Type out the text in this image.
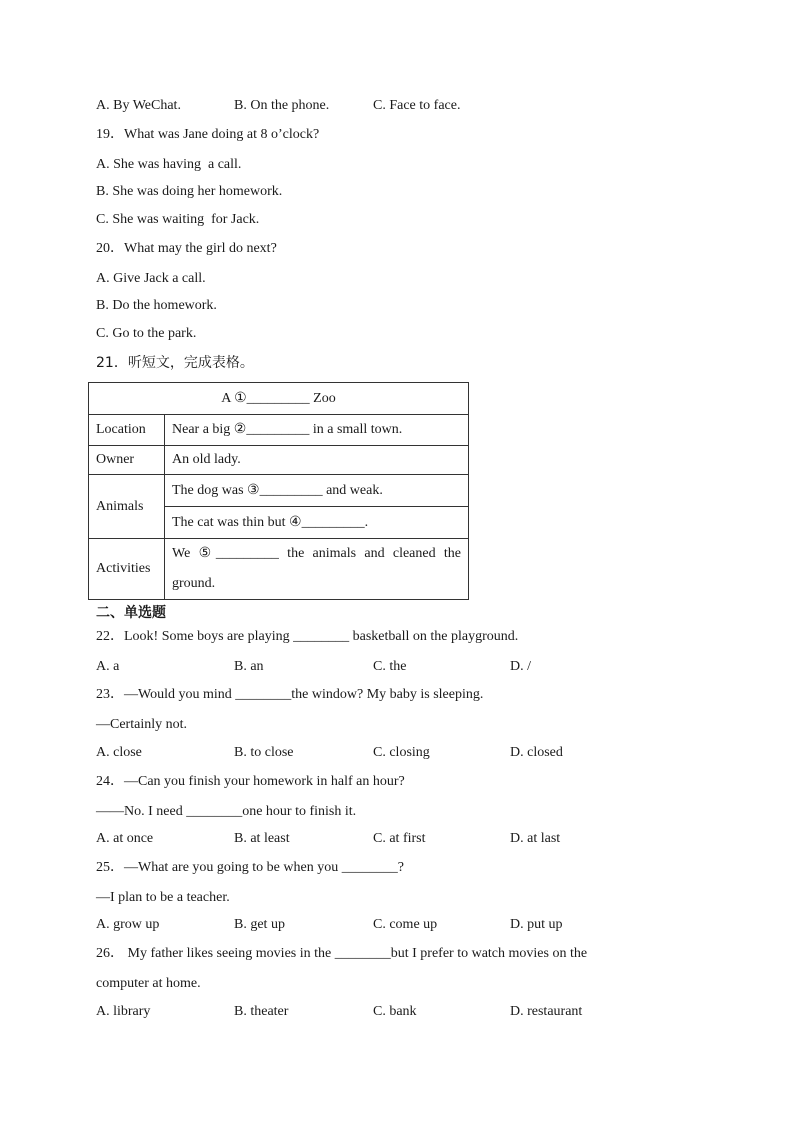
A. By WeChat.	B. On the phone.	C. Face to face.
19．What was Jane doing at 8 o’clock?
A. She was having  a call.
B. She was doing her homework.
C. She was waiting  for Jack.
20．What may the girl do next?
A. Give Jack a call.
B. Do the homework.
C. Go to the park.
21．听短文，完成表格。
A ①_________ Zoo	
Location	Near a big ②_________ in a small town.
Owner	An old lady.
Animals	The dog was ③_________ and weak.
	The cat was thin but ④_________.
Activities	We ⑤_________ the animals and cleaned the ground.
二、单选题
22．Look! Some boys are playing ________ basketball on the playground.
A. a	B. an	C. the	D. /
23．—Would you mind ________the window? My baby is sleeping.
—Certainly not.
A. close	B. to close	C. closing	D. closed
24．—Can you finish your homework in half an hour?
——No. I need ________one hour to finish it.
A. at once	B. at least	C. at first	D. at last
25．—What are you going to be when you ________?
—I plan to be a teacher.
A. grow up	B. get up	C. come up	D. put up
26． My father likes seeing movies in the ________but I prefer to watch movies on the
computer at home.
A. library	B. theater	C. bank	D. restaurant
